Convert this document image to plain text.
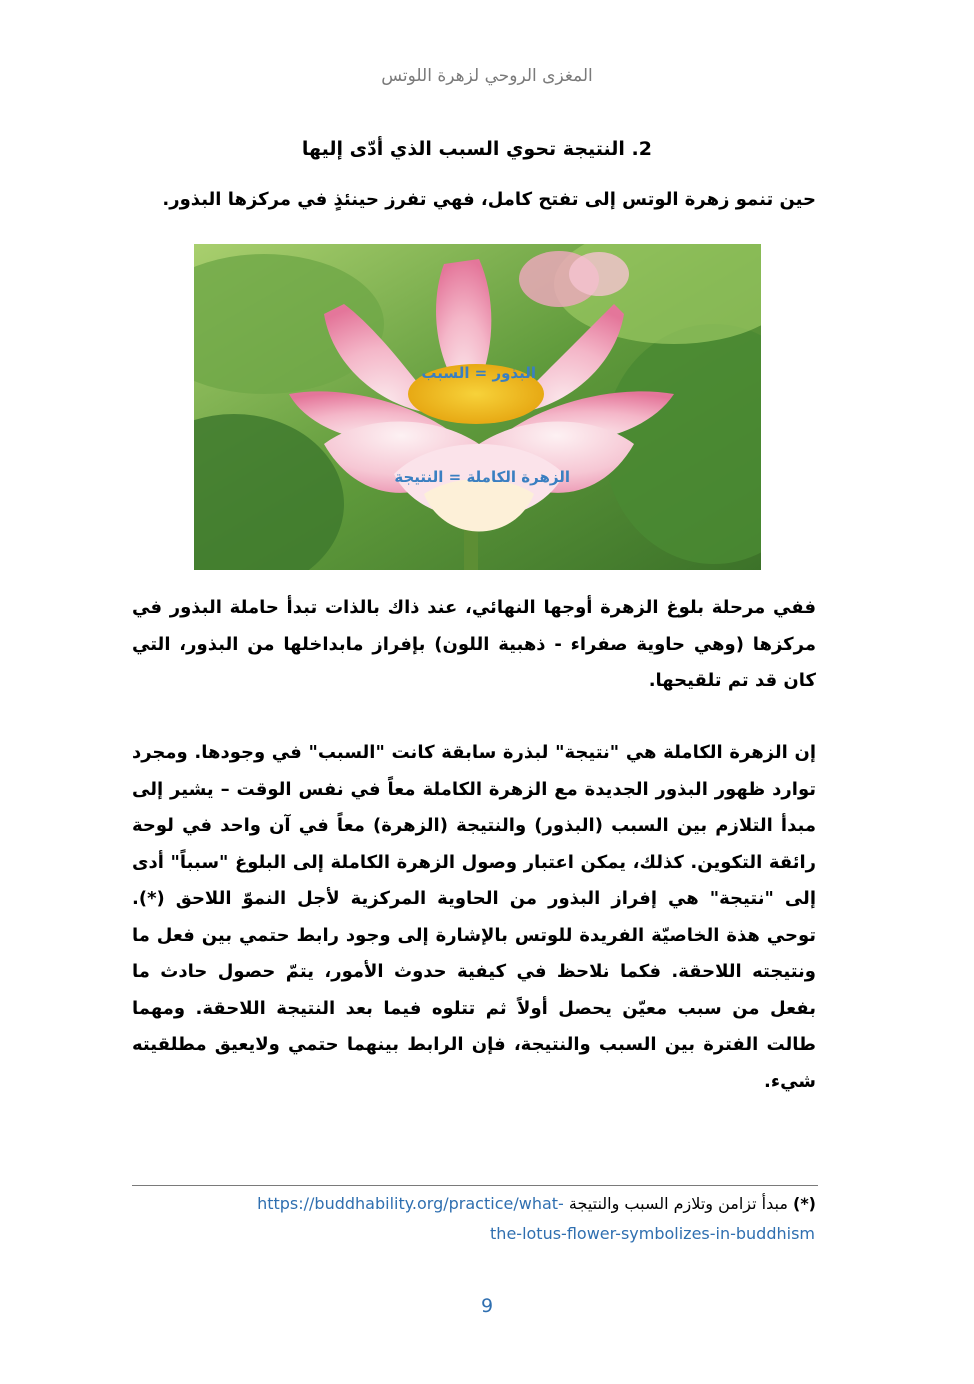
المغزى الروحي لزهرة اللوتس
2. النتيجة تحوي السبب الذي أدّى إليها
حين تنمو زهرة الوتس إلى تفتح كامل، فهي تفرز حينئذٍ في مركزها البذور.
البذور = السبب
الزهرة الكاملة = النتيجة
ففي مرحلة بلوغ الزهرة أوجها النهائي، عند ذاك بالذات تبدأ حاملة البذور في مركزها (وهي حاوية صفراء - ذهبية اللون) بإفراز مابداخلها من البذور، التي كان قد تم تلقيحها.
إن الزهرة الكاملة هي "نتيجة" لبذرة سابقة كانت "السبب" في وجودها. ومجرد توارد ظهور البذور الجديدة مع الزهرة الكاملة معاً في نفس الوقت – يشير إلى مبدأ التلازم بين السبب (البذور) والنتيجة (الزهرة) معاً في آن واحد في لوحة رائقة التكوين. كذلك، يمكن اعتبار وصول الزهرة الكاملة إلى البلوغ "سبباً" أدى إلى "نتيجة" هي إفراز البذور من الحاوية المركزية لأجل النموّ اللاحق (*). توحي هذة الخاصيّة الفريدة للوتس بالإشارة إلى وجود رابط حتمي بين فعل ما ونتيجته اللاحقة. فكما نلاحظ في كيفية حدوث الأمور، يتمّ حصول حادث ما بفعل من سبب معيّن يحصل أولاً ثم تتلوه فيما بعد النتيجة اللاحقة. ومهما طالت الفترة بين السبب والنتيجة، فإن الرابط بينهما حتمي ولايعيق مطلقيته شيء.
(*) مبدأ تزامن وتلازم السبب والنتيجة https://buddhability.org/practice/what-
the-lotus-flower-symbolizes-in-buddhism
9
